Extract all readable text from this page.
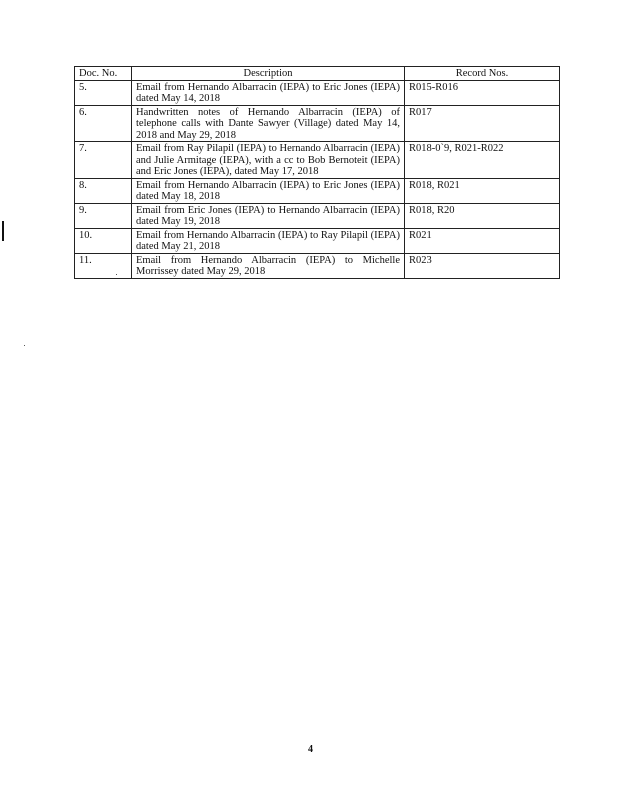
Doc. No.	Description	Record Nos.
5.	Email from Hernando Albarracin (IEPA) to Eric Jones (IEPA) dated May 14, 2018	R015-R016
6.	Handwritten notes of Hernando Albarracin (IEPA) of telephone calls with Dante Sawyer (Village) dated May 14, 2018 and May 29, 2018	R017
7.	Email from Ray Pilapil (IEPA) to Hernando Albarracin (IEPA) and Julie Armitage (IEPA), with a cc to Bob Bernoteit (IEPA) and Eric Jones (IEPA), dated May 17, 2018	R018-0`9, R021-R022
8.	Email from Hernando Albarracin (IEPA) to Eric Jones (IEPA) dated May 18, 2018	R018, R021
9.	Email from Eric Jones (IEPA) to Hernando Albarracin (IEPA) dated May 19, 2018	R018, R20
10.	Email from Hernando Albarracin (IEPA) to Ray Pilapil (IEPA) dated May 21, 2018	R021
11.	Email from Hernando Albarracin (IEPA) to Michelle Morrissey dated May 29, 2018	R023
4
